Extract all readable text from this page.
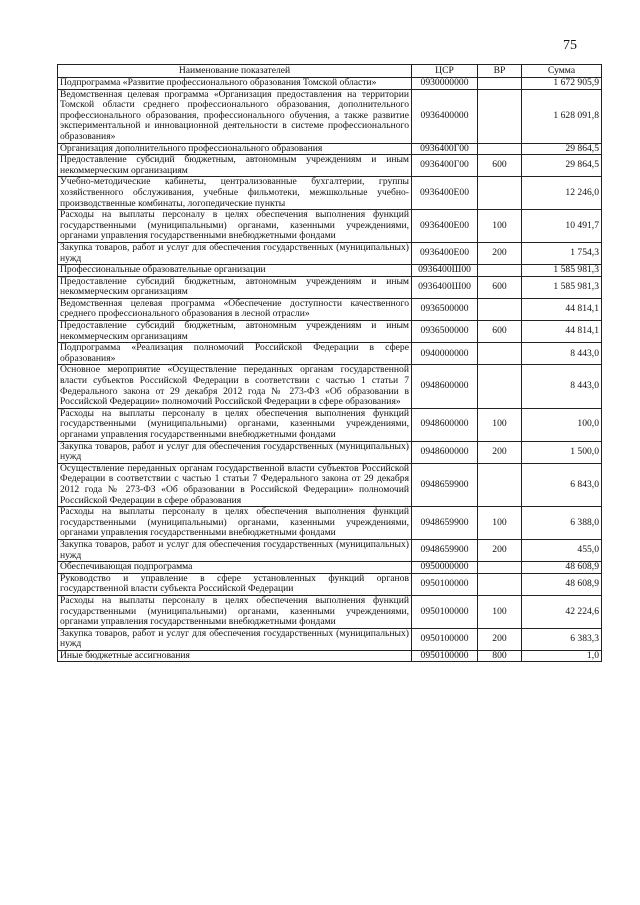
75
Наименование показателей	ЦСР	ВР	Сумма
Подпрограмма «Развитие профессионального образования Томской области»	0930000000		1 672 905,9
Ведомственная целевая программа «Организация предоставления на территории Томской области среднего профессионального образования, дополнительного профессионального образования, профессионального обучения, а также развитие экспериментальной и инновационной деятельности в системе профессионального образования»	0936400000		1 628 091,8
Организация дополнительного профессионального образования	0936400Г00		29 864,5
Предоставление субсидий бюджетным, автономным учреждениям и иным некоммерческим организациям	0936400Г00	600	29 864,5
Учебно-методические кабинеты, централизованные бухгалтерии, группы хозяйственного обслуживания, учебные фильмотеки, межшкольные учебно-производственные комбинаты, логопедические пункты	0936400Е00		12 246,0
Расходы на выплаты персоналу в целях обеспечения выполнения функций государственными (муниципальными) органами, казенными учреждениями, органами управления государственными внебюджетными фондами	0936400Е00	100	10 491,7
Закупка товаров, работ и услуг для обеспечения государственных (муниципальных) нужд	0936400Е00	200	1 754,3
Профессиональные образовательные организации	0936400Ш00		1 585 981,3
Предоставление субсидий бюджетным, автономным учреждениям и иным некоммерческим организациям	0936400Ш00	600	1 585 981,3
Ведомственная целевая программа «Обеспечение доступности качественного среднего профессионального образования в лесной отрасли»	0936500000		44 814,1
Предоставление субсидий бюджетным, автономным учреждениям и иным некоммерческим организациям	0936500000	600	44 814,1
Подпрограмма «Реализация полномочий Российской Федерации в сфере образования»	0940000000		8 443,0
Основное мероприятие «Осуществление переданных органам государственной власти субъектов Российской Федерации в соответствии с частью 1 статьи 7 Федерального закона от 29 декабря 2012 года № 273-ФЗ «Об образовании в Российской Федерации» полномочий Российской Федерации в сфере образования»	0948600000		8 443,0
Расходы на выплаты персоналу в целях обеспечения выполнения функций государственными (муниципальными) органами, казенными учреждениями, органами управления государственными внебюджетными фондами	0948600000	100	100,0
Закупка товаров, работ и услуг для обеспечения государственных (муниципальных) нужд	0948600000	200	1 500,0
Осуществление переданных органам государственной власти субъектов Российской Федерации в соответствии с частью 1 статьи 7 Федерального закона от 29 декабря 2012 года № 273-ФЗ «Об образовании в Российской Федерации» полномочий Российской Федерации в сфере образования	0948659900		6 843,0
Расходы на выплаты персоналу в целях обеспечения выполнения функций государственными (муниципальными) органами, казенными учреждениями, органами управления государственными внебюджетными фондами	0948659900	100	6 388,0
Закупка товаров, работ и услуг для обеспечения государственных (муниципальных) нужд	0948659900	200	455,0
Обеспечивающая подпрограмма	0950000000		48 608,9
Руководство и управление в сфере установленных функций органов государственной власти субъекта Российской Федерации	0950100000		48 608,9
Расходы на выплаты персоналу в целях обеспечения выполнения функций государственными (муниципальными) органами, казенными учреждениями, органами управления государственными внебюджетными фондами	0950100000	100	42 224,6
Закупка товаров, работ и услуг для обеспечения государственных (муниципальных) нужд	0950100000	200	6 383,3
Иные бюджетные ассигнования	0950100000	800	1,0
